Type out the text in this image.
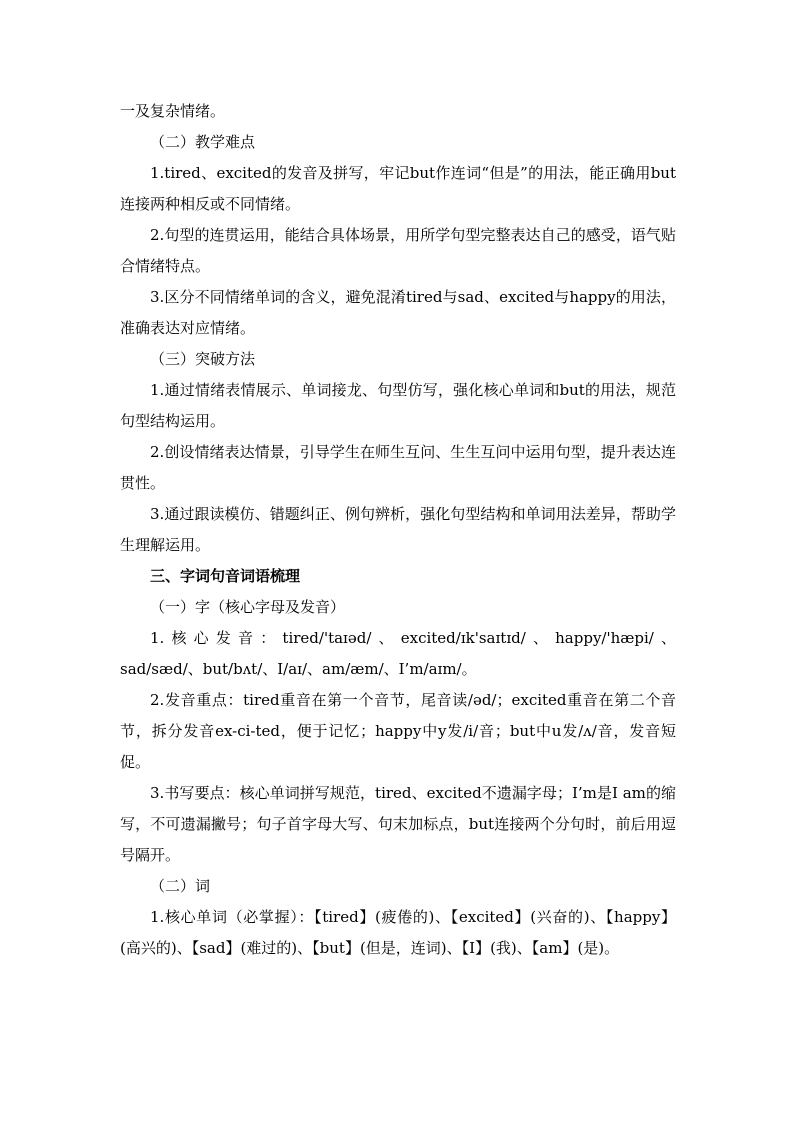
一及复杂情绪。

（二）教学难点

1.tired、excited的发音及拼写，牢记but作连词“但是”的用法，能正确用but连接两种相反或不同情绪。

2.句型的连贯运用，能结合具体场景，用所学句型完整表达自己的感受，语气贴合情绪特点。

3.区分不同情绪单词的含义，避免混淆tired与sad、excited与happy的用法，准确表达对应情绪。

（三）突破方法

1.通过情绪表情展示、单词接龙、句型仿写，强化核心单词和but的用法，规范句型结构运用。

2.创设情绪表达情景，引导学生在师生互问、生生互问中运用句型，提升表达连贯性。

3.通过跟读模仿、错题纠正、例句辨析，强化句型结构和单词用法差异，帮助学生理解运用。

三、字词句音词语梳理

（一）字（核心字母及发音）

1.核心发音：tired/'taɪəd/、excited/ɪk'saɪtɪd/、happy/'hæpi/、sad/sæd/、but/bʌt/、I/aɪ/、am/æm/、I’m/aɪm/。

2.发音重点：tired重音在第一个音节，尾音读/əd/；excited重音在第二个音节，拆分发音ex-ci-ted，便于记忆；happy中y发/i/音；but中u发/ʌ/音，发音短促。

3.书写要点：核心单词拼写规范，tired、excited不遗漏字母；I’m是I am的缩写，不可遗漏撇号；句子首字母大写、句末加标点，but连接两个分句时，前后用逗号隔开。

（二）词

1.核心单词（必掌握）：【tired】(疲倦的)、【excited】(兴奋的)、【happy】(高兴的)、【sad】(难过的)、【but】(但是，连词)、【I】(我)、【am】(是)。
